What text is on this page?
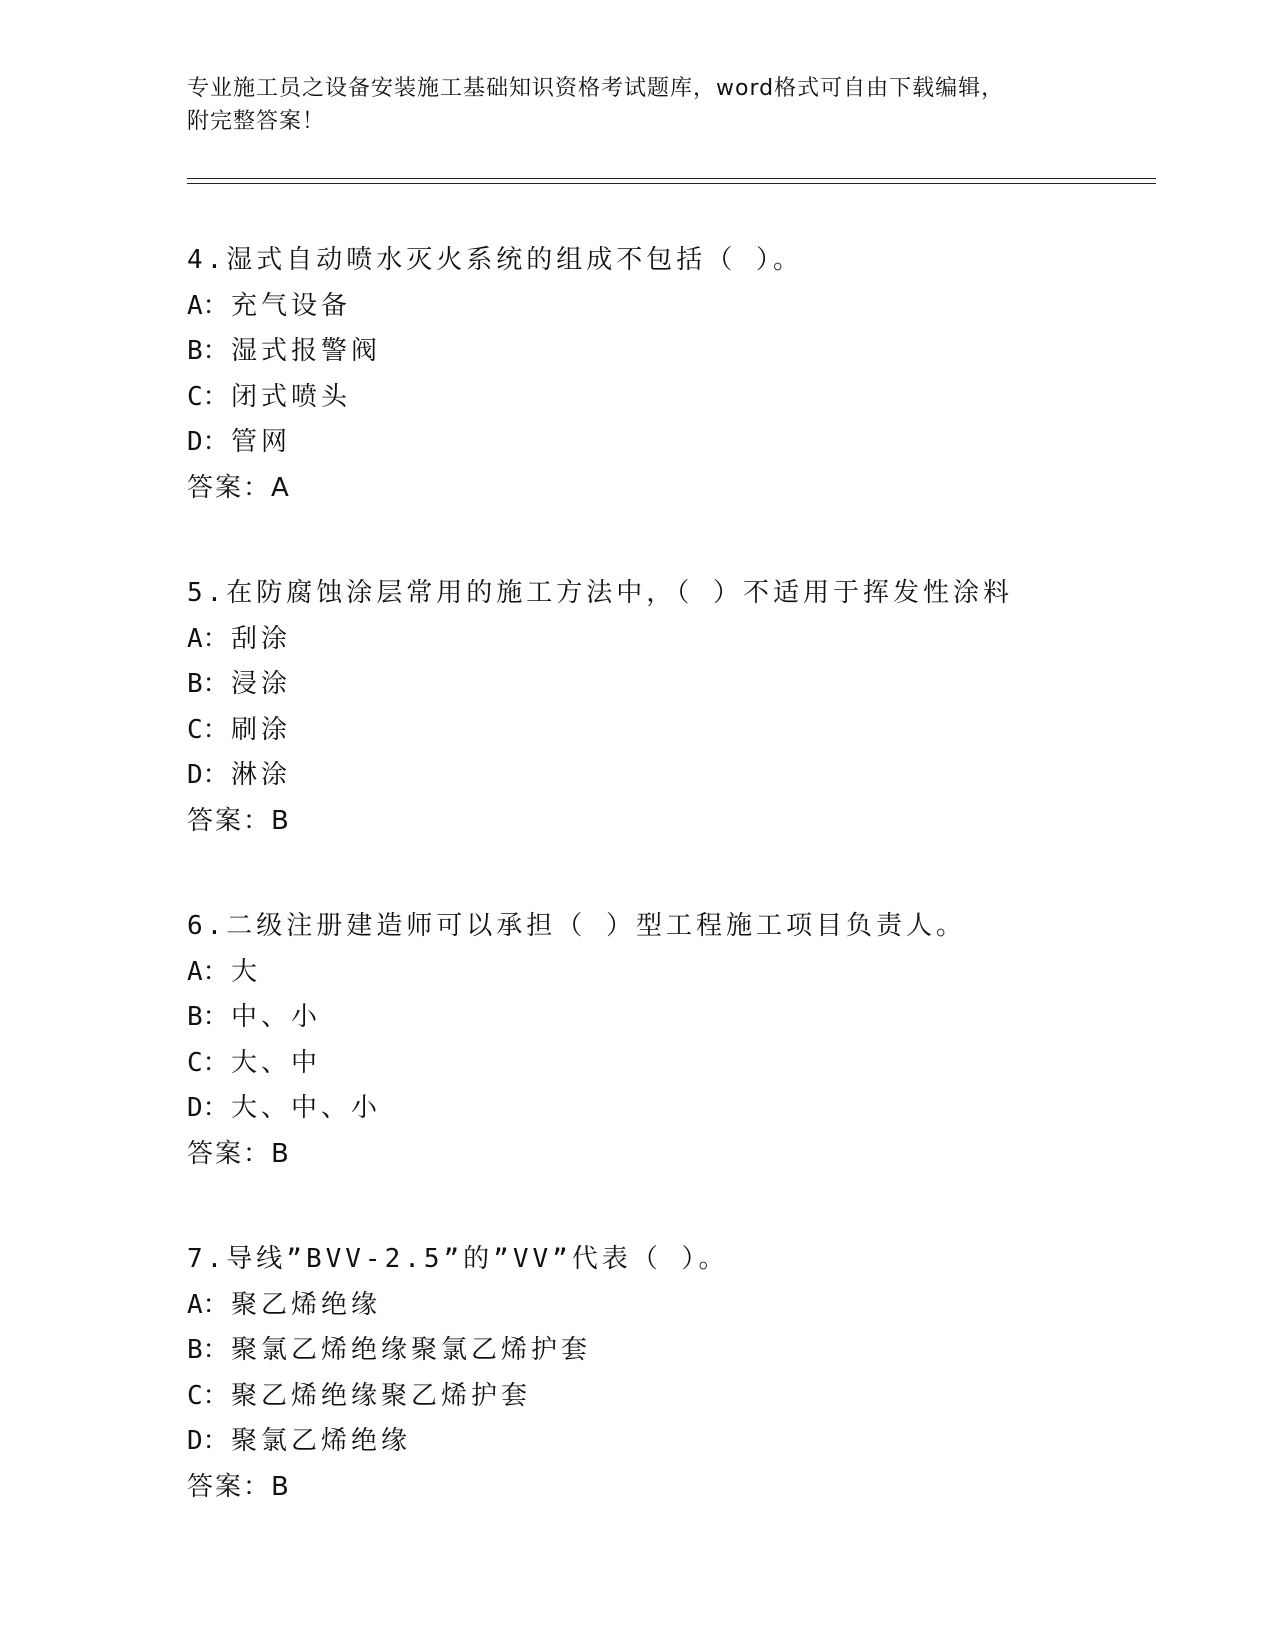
专业施工员之设备安装施工基础知识资格考试题库，word格式可自由下载编辑，
附完整答案！
4.湿式自动喷水灭火系统的组成不包括（ ）。
A：充气设备
B：湿式报警阀
C：闭式喷头
D：管网
答案：A
5.在防腐蚀涂层常用的施工方法中，（ ）不适用于挥发性涂料
A：刮涂
B：浸涂
C：刷涂
D：淋涂
答案：B
6.二级注册建造师可以承担（ ）型工程施工项目负责人。
A：大
B：中、小
C：大、中
D：大、中、小
答案：B
7.导线”BVV-2.5”的”VV”代表（ ）。
A：聚乙烯绝缘
B：聚氯乙烯绝缘聚氯乙烯护套
C：聚乙烯绝缘聚乙烯护套
D：聚氯乙烯绝缘
答案：B
